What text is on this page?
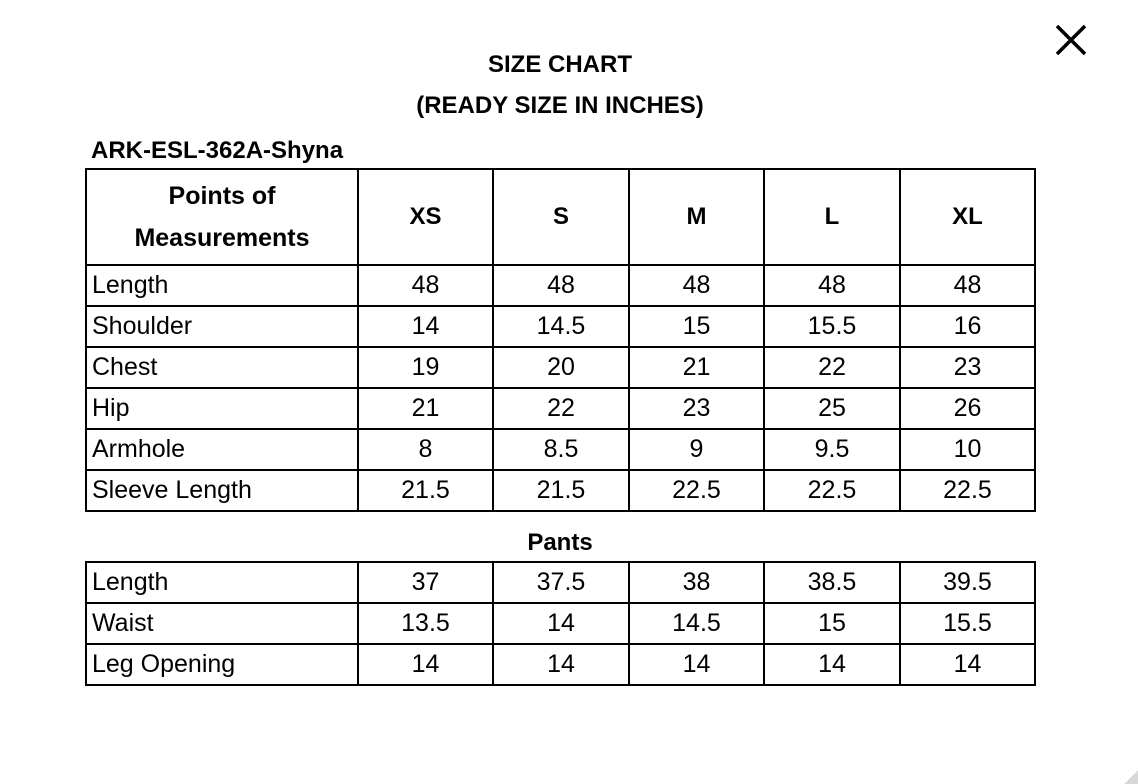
SIZE CHART
(READY SIZE IN INCHES)
ARK-ESL-362A-Shyna
Points of
Measurements	XS	S	M	L	XL
Length	48	48	48	48	48
Shoulder	14	14.5	15	15.5	16
Chest	19	20	21	22	23
Hip	21	22	23	25	26
Armhole	8	8.5	9	9.5	10
Sleeve Length	21.5	21.5	22.5	22.5	22.5
Pants
Length	37	37.5	38	38.5	39.5
Waist	13.5	14	14.5	15	15.5
Leg Opening	14	14	14	14	14
